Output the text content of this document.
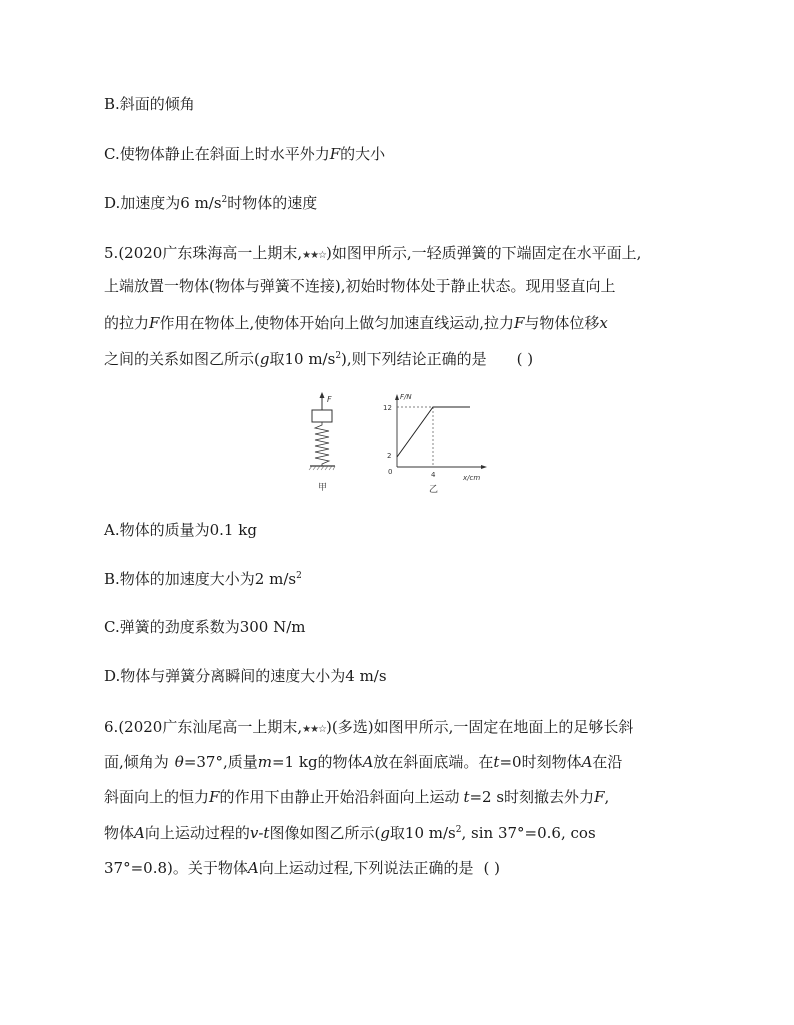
B.斜面的倾角
C.使物体静止在斜面上时水平外力F的大小
D.加速度为6 $m/s^2$时物体的速度
5.(2020广东珠海高一上期末,★★☆)如图甲所示,一轻质弹簧的下端固定在水平面上,
上端放置一物体(物体与弹簧不连接),初始时物体处于静止状态。现用竖直向上
的拉力F作用在物体上,使物体开始向上做匀加速直线运动,拉力F与物体位移x
之间的关系如图乙所示(g取10 $m/s^2$),则下列结论正确的是 ( )
F
甲
F/N
x/cm
12
2
0	4
乙
A.物体的质量为0.1 kg
B.物体的加速度大小为2 $m/s^2$
C.弹簧的劲度系数为300 N/m
D.物体与弹簧分离瞬间的速度大小为4 m/s
6.(2020广东汕尾高一上期末,★★☆)(多选)如图甲所示,一固定在地面上的足够长斜
面,倾角为 θ=37°,质量m=1 kg的物体A放在斜面底端。在t=0时刻物体A在沿
斜面向上的恒力F的作用下由静止开始沿斜面向上运动 t=2 s时刻撤去外力F,
物体A向上运动过程的v-t图像如图乙所示(g取10 $m/s^2$, sin 37°=0.6, cos
37°=0.8)。关于物体A向上运动过程,下列说法正确的是 ( )
